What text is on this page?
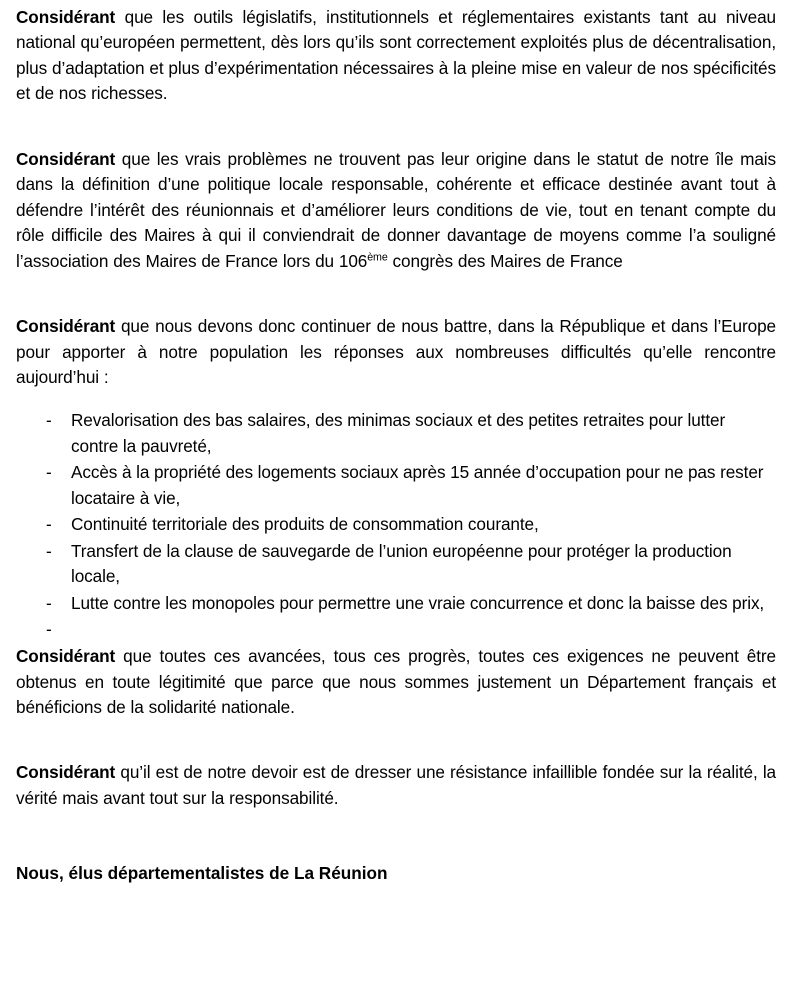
Considérant que les outils législatifs, institutionnels et réglementaires existants tant au niveau national qu’européen permettent, dès lors qu’ils sont correctement exploités plus de décentralisation, plus d’adaptation et plus d’expérimentation nécessaires à la pleine mise en valeur de nos spécificités et de nos richesses.

Considérant que les vrais problèmes ne trouvent pas leur origine dans le statut de notre île mais dans la définition d’une politique locale responsable, cohérente et efficace destinée avant tout à défendre l’intérêt des réunionnais et d’améliorer leurs conditions de vie, tout en tenant compte du rôle difficile des Maires à qui il conviendrait de donner davantage de moyens comme l’a souligné l’association des Maires de France lors du 106ème congrès des Maires de France

Considérant que nous devons donc continuer de nous battre, dans la République et dans l’Europe pour apporter à notre population les réponses aux nombreuses difficultés qu’elle rencontre aujourd’hui :

- Revalorisation des bas salaires, des minimas sociaux et des petites retraites pour lutter contre la pauvreté,
- Accès à la propriété des logements sociaux après 15 année d’occupation pour ne pas rester locataire à vie,
- Continuité territoriale des produits de consommation courante,
- Transfert de la clause de sauvegarde de l’union européenne pour protéger la production locale,
- Lutte contre les monopoles pour permettre une vraie concurrence et donc la baisse des prix,
-

Considérant que toutes ces avancées, tous ces progrès, toutes ces exigences ne peuvent être obtenus en toute légitimité que parce que nous sommes justement un Département français et bénéficions de la solidarité nationale.

Considérant qu’il est de notre devoir est de dresser une résistance infaillible fondée sur la réalité, la vérité mais avant tout sur la responsabilité.

Nous, élus départementalistes de La Réunion
